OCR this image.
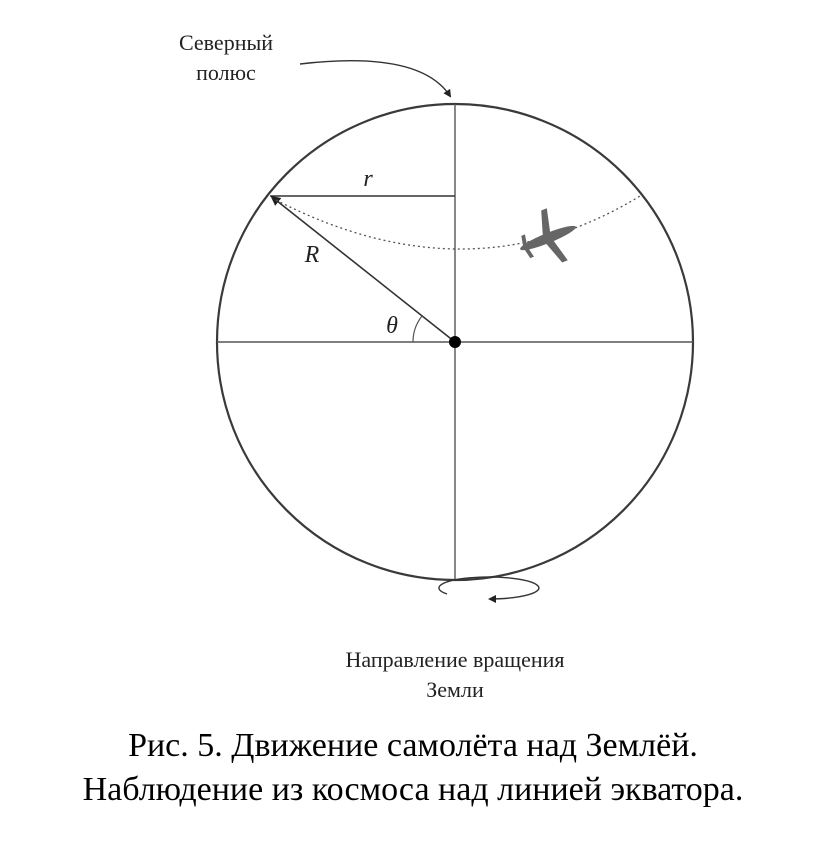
Северный
полюс
r
R
θ
Направление вращения
Земли

Рис. 5. Движение самолёта над Землёй.

Наблюдение из космоса над линией экватора.
